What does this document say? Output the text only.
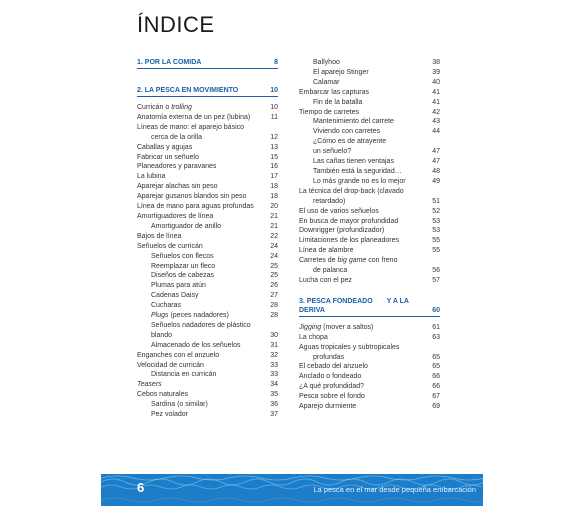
ÍNDICE
1. POR LA COMIDA	8
2. LA PESCA EN MOVIMIENTO	10
Curricán o trolling	10
Anatomía externa de un pez (lubina)	11
Líneas de mano: el aparejo básico
cerca de la orilla	12
Caballas y agujas	13
Fabricar un señuelo	15
Planeadores y paravanes	16
La lubina	17
Aparejar alachas sin peso	18
Aparejar gusanos blandos sin peso	18
Línea de mano para aguas profundas	20
Amortiguadores de línea	21
Amortiguador de anillo	21
Bajos de línea	22
Señuelos de curricán	24
Señuelos con flecos	24
Reemplazar un fleco	25
Diseños de cabezas	25
Plumas para atún	26
Cadenas Daisy	27
Cucharas	28
Plugs (peces nadadores)	28
Señuelos nadadores de plástico
blando	30
Almacenado de los señuelos	31
Enganches con el anzuelo	32
Velocidad de curricán	33
Distancia en curricán	33
Teasers	34
Cebos naturales	35
Sardina (o similar)	36
Pez volador	37
Ballyhoo	38
El aparejo Stinger	39
Calamar	40
Embarcar las capturas	41
Fin de la batalla	41
Tiempo de carretes	42
Mantenimiento del carrete	43
Viviendo con carretes	44
¿Cómo es de atrayente
un señuelo?	47
Las cañas tienen ventajas	47
También está la seguridad…	48
Lo más grande no es lo mejor	49
La técnica del drop-back (clavado
retardado)	51
El uso de varios señuelos	52
En busca de mayor profundidad	53
Downrigger (profundizador)	53
Limitaciones de los planeadores	55
Línea de alambre	55
Carretes de big game con freno
de palanca	56
Lucha con el pez	57
3. PESCA FONDEADO Y A LA DERIVA	60
Jigging (mover a saltos)	61
La chopa	63
Aguas tropicales y subtropicales
profundas	65
El cebado del anzuelo	65
Anclado o fondeado	66
¿A qué profundidad?	66
Pesca sobre el fondo	67
Aparejo durmiente	69
6	La pesca en el mar desde pequeña embarcación
